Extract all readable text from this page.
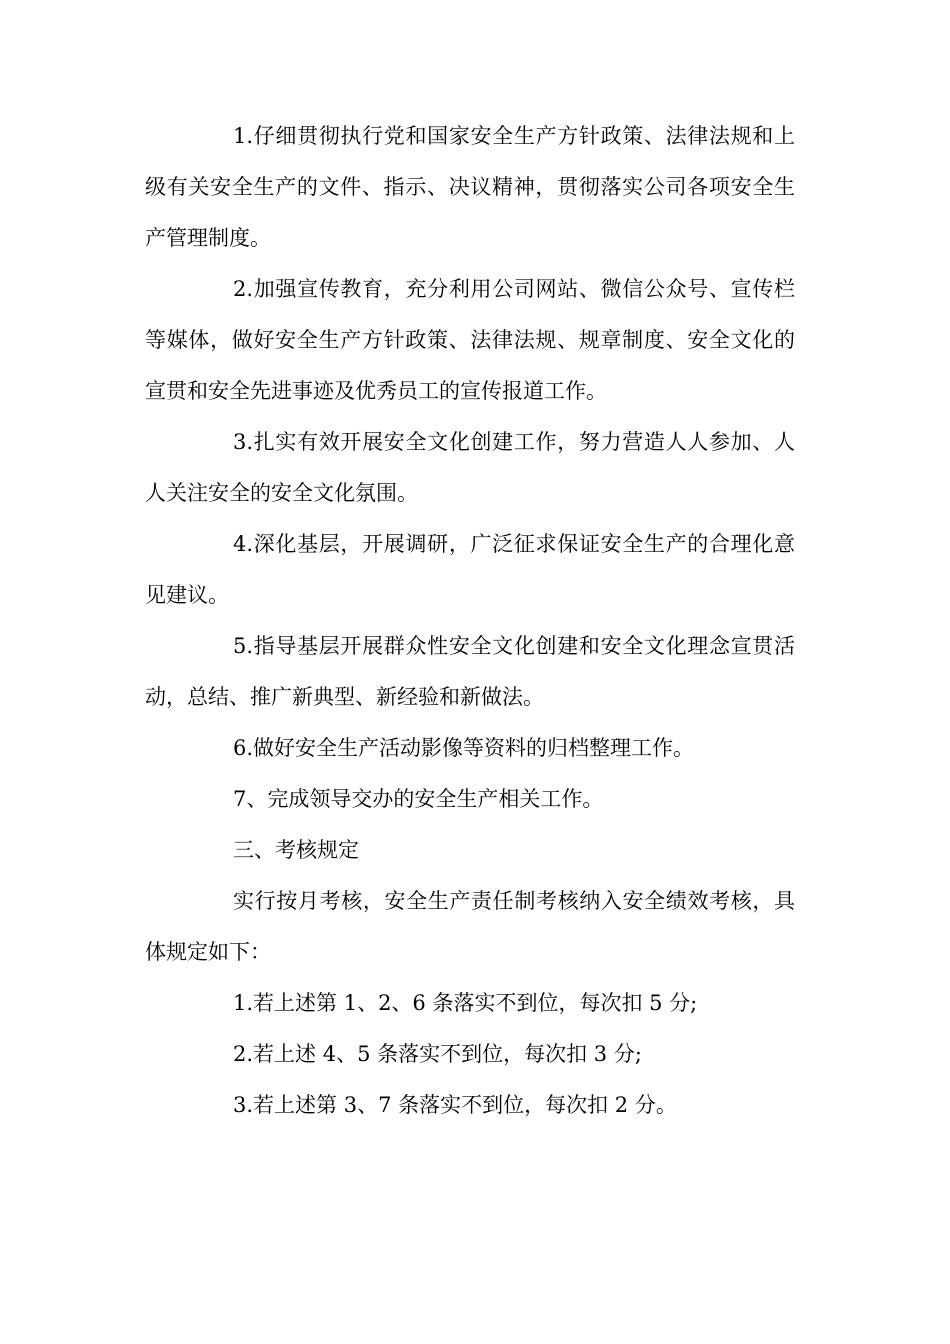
1.仔细贯彻执行党和国家安全生产方针政策、法律法规和上级有关安全生产的文件、指示、决议精神，贯彻落实公司各项安全生产管理制度。

2.加强宣传教育，充分利用公司网站、微信公众号、宣传栏等媒体，做好安全生产方针政策、法律法规、规章制度、安全文化的宣贯和安全先进事迹及优秀员工的宣传报道工作。

3.扎实有效开展安全文化创建工作，努力营造人人参加、人人关注安全的安全文化氛围。

4.深化基层，开展调研，广泛征求保证安全生产的合理化意见建议。

5.指导基层开展群众性安全文化创建和安全文化理念宣贯活动，总结、推广新典型、新经验和新做法。

6.做好安全生产活动影像等资料的归档整理工作。

7、完成领导交办的安全生产相关工作。

三、考核规定

实行按月考核，安全生产责任制考核纳入安全绩效考核，具体规定如下：

1.若上述第 1、2、6 条落实不到位，每次扣 5 分;

2.若上述 4、5 条落实不到位，每次扣 3 分;

3.若上述第 3、7 条落实不到位，每次扣 2 分。
